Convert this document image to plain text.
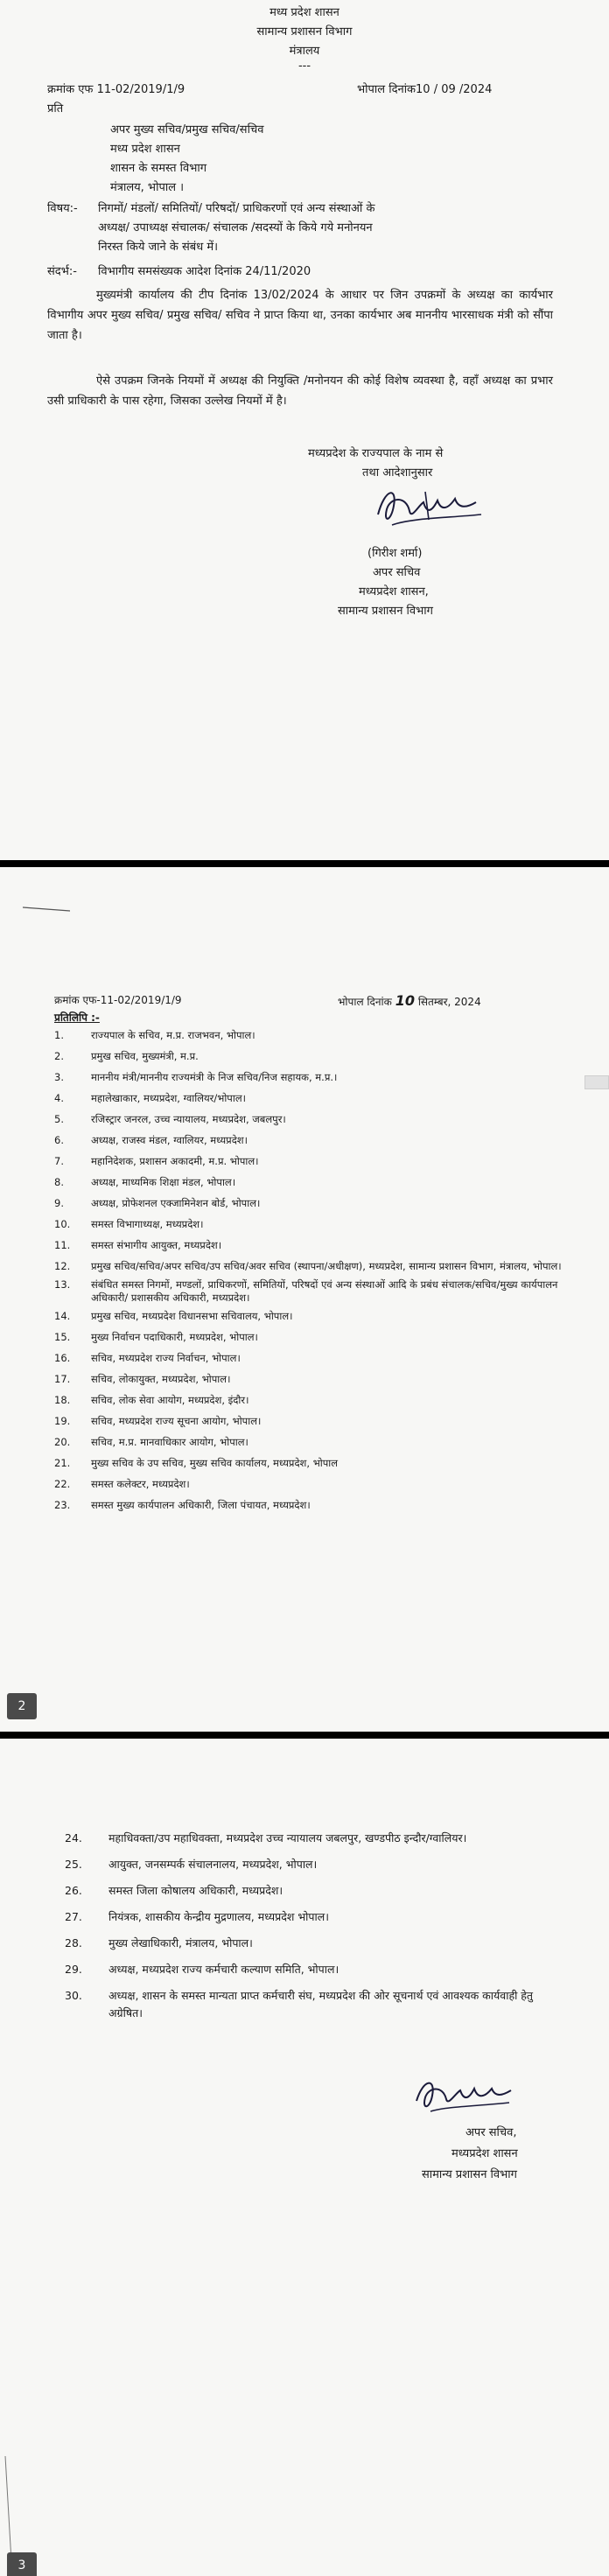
मध्य प्रदेश शासन
सामान्य प्रशासन विभाग
मंत्रालय
---
क्रमांक एफ 11-02/2019/1/9	भोपाल दिनांक10 / 09 /2024
प्रति
अपर मुख्य सचिव/प्रमुख सचिव/सचिव
मध्य प्रदेश शासन
शासन के समस्त विभाग
मंत्रालय, भोपाल ।
विषय:- निगमों/ मंडलों/ समितियों/ परिषदों/ प्राधिकरणों एवं अन्य संस्थाओं के
अध्यक्ष/ उपाध्यक्ष संचालक/ संचालक /सदस्यों के किये गये मनोनयन
निरस्त किये जाने के संबंध में।
संदर्भ:- विभागीय समसंख्यक आदेश दिनांक 24/11/2020
मुख्यमंत्री कार्यालय की टीप दिनांक 13/02/2024 के आधार पर जिन उपक्रमों के अध्यक्ष का कार्यभार विभागीय अपर मुख्य सचिव/ प्रमुख सचिव/ सचिव ने प्राप्त किया था, उनका कार्यभार अब माननीय भारसाधक मंत्री को सौंपा जाता है।
ऐसे उपक्रम जिनके नियमों में अध्यक्ष की नियुक्ति /मनोनयन की कोई विशेष व्यवस्था है, वहाँ अध्यक्ष का प्रभार उसी प्राधिकारी के पास रहेगा, जिसका उल्लेख नियमों में है।
मध्यप्रदेश के राज्यपाल के नाम से
तथा आदेशानुसार
(गिरीश शर्मा)
अपर सचिव
मध्यप्रदेश शासन,
सामान्य प्रशासन विभाग
क्रमांक एफ-11-02/2019/1/9	भोपाल दिनांक 10 सितम्बर, 2024
प्रतिलिपि :-
1.	राज्यपाल के सचिव, म.प्र. राजभवन, भोपाल।
2.	प्रमुख सचिव, मुख्यमंत्री, म.प्र.
3.	माननीय मंत्री/माननीय राज्यमंत्री के निज सचिव/निज सहायक, म.प्र.।
4.	महालेखाकार, मध्यप्रदेश, ग्वालियर/भोपाल।
5.	रजिस्ट्रार जनरल, उच्च न्यायालय, मध्यप्रदेश, जबलपुर।
6.	अध्यक्ष, राजस्व मंडल, ग्वालियर, मध्यप्रदेश।
7.	महानिदेशक, प्रशासन अकादमी, म.प्र. भोपाल।
8.	अध्यक्ष, माध्यमिक शिक्षा मंडल, भोपाल।
9.	अध्यक्ष, प्रोफेशनल एक्जामिनेशन बोर्ड, भोपाल।
10. समस्त विभागाध्यक्ष, मध्यप्रदेश।
11. समस्त संभागीय आयुक्त, मध्यप्रदेश।
12. प्रमुख सचिव/सचिव/अपर सचिव/उप सचिव/अवर सचिव (स्थापना/अधीक्षण), मध्यप्रदेश, सामान्य प्रशासन विभाग, मंत्रालय, भोपाल।
13. संबंधित समस्त निगमों, मण्डलों, प्राधिकरणों, समितियों, परिषदों एवं अन्य संस्थाओं आदि के प्रबंध संचालक/सचिव/मुख्य कार्यपालन अधिकारी/ प्रशासकीय अधिकारी, मध्यप्रदेश।
14. प्रमुख सचिव, मध्यप्रदेश विधानसभा सचिवालय, भोपाल।
15. मुख्य निर्वाचन पदाधिकारी, मध्यप्रदेश, भोपाल।
16. सचिव, मध्यप्रदेश राज्य निर्वाचन, भोपाल।
17. सचिव, लोकायुक्त, मध्यप्रदेश, भोपाल।
18. सचिव, लोक सेवा आयोग, मध्यप्रदेश, इंदौर।
19. सचिव, मध्यप्रदेश राज्य सूचना आयोग, भोपाल।
20. सचिव, म.प्र. मानवाधिकार आयोग, भोपाल।
21. मुख्य सचिव के उप सचिव, मुख्य सचिव कार्यालय, मध्यप्रदेश, भोपाल
22. समस्त कलेक्टर, मध्यप्रदेश।
23. समस्त मुख्य कार्यपालन अधिकारी, जिला पंचायत, मध्यप्रदेश।
2
24. महाधिवक्ता/उप महाधिवक्ता, मध्यप्रदेश उच्च न्यायालय जबलपुर, खण्डपीठ इन्दौर/ग्वालियर।
25. आयुक्त, जनसम्पर्क संचालनालय, मध्यप्रदेश, भोपाल।
26. समस्त जिला कोषालय अधिकारी, मध्यप्रदेश।
27. नियंत्रक, शासकीय केन्द्रीय मुद्रणालय, मध्यप्रदेश भोपाल।
28. मुख्य लेखाधिकारी, मंत्रालय, भोपाल।
29. अध्यक्ष, मध्यप्रदेश राज्य कर्मचारी कल्याण समिति, भोपाल।
30. अध्यक्ष, शासन के समस्त मान्यता प्राप्त कर्मचारी संघ, मध्यप्रदेश की ओर सूचनार्थ एवं आवश्यक कार्यवाही हेतु अग्रेषित।
अपर सचिव,
मध्यप्रदेश शासन
सामान्य प्रशासन विभाग
3
